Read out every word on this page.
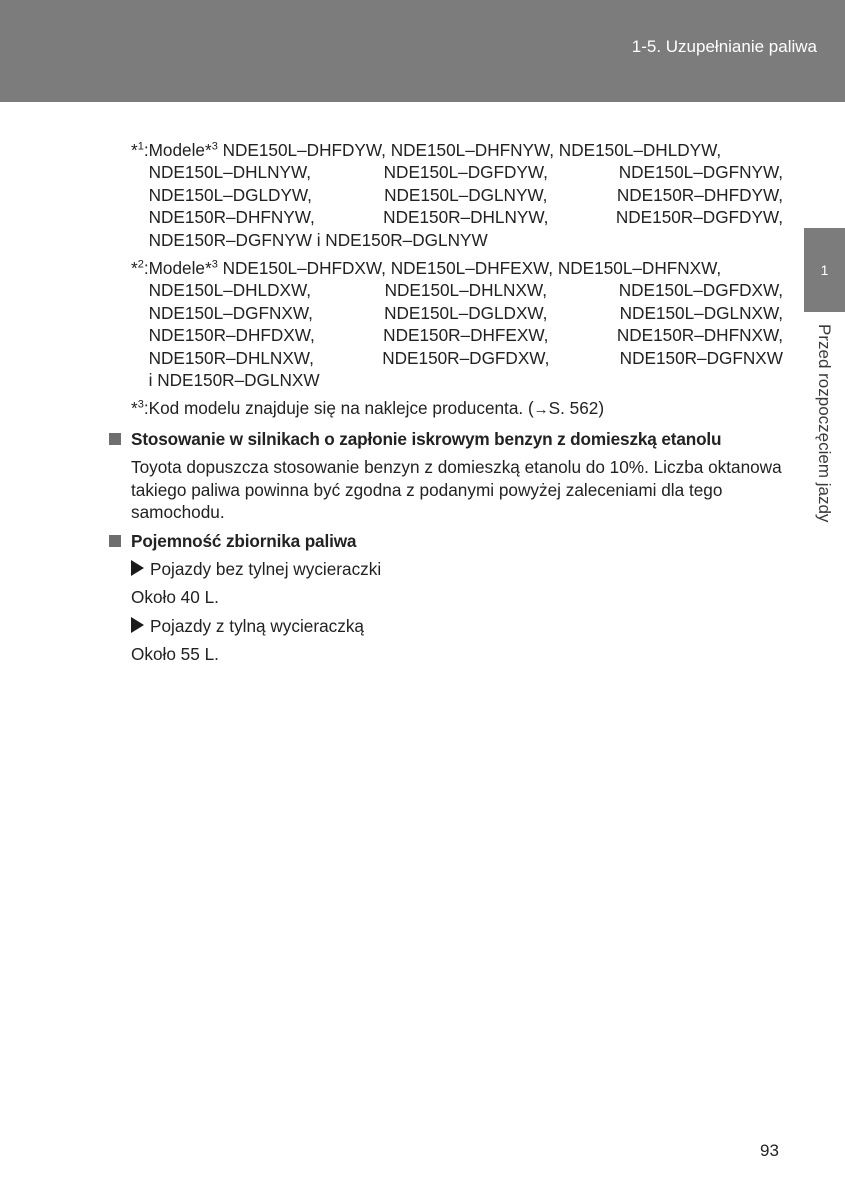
1-5. Uzupełnianie paliwa
1
Przed rozpoczęciem jazdy
*$^1$: Modele*$^3$ NDE150L–DHFDYW, NDE150L–DHFNYW, NDE150L–DHLDYW,
NDE150L–DHLNYW,	NDE150L–DGFDYW,	NDE150L–DGFNYW,
NDE150L–DGLDYW,	NDE150L–DGLNYW,	NDE150R–DHFDYW,
NDE150R–DHFNYW,	NDE150R–DHLNYW,	NDE150R–DGFDYW,
NDE150R–DGFNYW i NDE150R–DGLNYW
*$^2$: Modele*$^3$ NDE150L–DHFDXW, NDE150L–DHFEXW, NDE150L–DHFNXW,
NDE150L–DHLDXW,	NDE150L–DHLNXW,	NDE150L–DGFDXW,
NDE150L–DGFNXW,	NDE150L–DGLDXW,	NDE150L–DGLNXW,
NDE150R–DHFDXW,	NDE150R–DHFEXW,	NDE150R–DHFNXW,
NDE150R–DHLNXW,	NDE150R–DGFDXW,	NDE150R–DGFNXW
i NDE150R–DGLNXW
*$^3$: Kod modelu znajduje się na naklejce producenta. (→S. 562)
Stosowanie w silnikach o zapłonie iskrowym benzyn z domieszką etanolu
Toyota dopuszcza stosowanie benzyn z domieszką etanolu do 10%. Liczba oktanowa takiego paliwa powinna być zgodna z podanymi powyżej zaleceniami dla tego samochodu.
Pojemność zbiornika paliwa
Pojazdy bez tylnej wycieraczki
Około 40 L.
Pojazdy z tylną wycieraczką
Około 55 L.
93
